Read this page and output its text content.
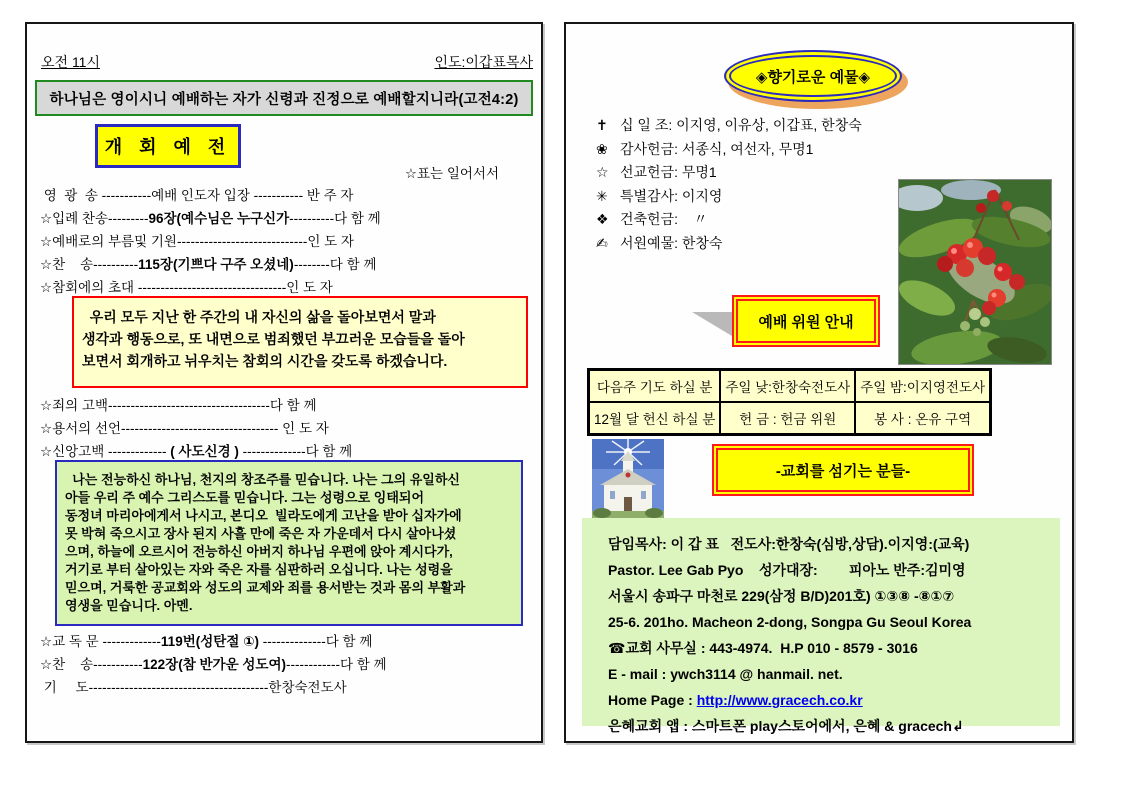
오전 11시	인도:이갑표목사
하나님은 영이시니 예배하는 자가 신령과 진정으로 예배할지니라(고전4:2)
개 회 예 전
☆표는 일어서서
영  광  송 -----------예배 인도자 입장 ----------- 반 주 자
☆입례 찬송---------96장(예수님은 누구신가----------다 함 께
☆예배로의 부름및 기원-----------------------------인 도 자
☆찬    송----------115장(기쁘다 구주 오셨네)--------다 함 께
☆참회에의 초대 ---------------------------------인 도 자
우리 모두 지난 한 주간의 내 자신의 삶을 돌아보면서 말과
생각과 행동으로, 또 내면으로 범죄했던 부끄러운 모습들을 돌아
보면서 회개하고 뉘우치는 참회의 시간을 갖도록 하겠습니다.
☆죄의 고백------------------------------------다 함 께
☆용서의 선언----------------------------------- 인 도 자
☆신앙고백 ------------- ( 사도신경 ) --------------다 함 께
나는 전능하신 하나님, 천지의 창조주를 믿습니다. 나는 그의 유일하신
아들 우리 주 예수 그리스도를 믿습니다. 그는 성령으로 잉태되어
동정녀 마리아에게서 나시고, 본디오  빌라도에게 고난을 받아 십자가에
못 박혀 죽으시고 장사 된지 사흘 만에 죽은 자 가운데서 다시 살아나셨
으며, 하늘에 오르시어 전능하신 아버지 하나님 우편에 앉아 계시다가,
거기로 부터 살아있는 자와 죽은 자를 심판하러 오십니다. 나는 성령을
믿으며, 거룩한 공교회와 성도의 교제와 죄를 용서받는 것과 몸의 부활과
영생을 믿습니다. 아멘.
☆교 독 문 -------------119번(성탄절 ①) --------------다 함 께
☆찬    송-----------122장(참 반가운 성도여)------------다 함 께
기     도----------------------------------------한창숙전도사
◈향기로운 예물◈
✝ 십 일 조: 이지영, 이유상, 이갑표, 한창숙
❀ 감사헌금: 서종식, 여선자, 무명1
☆ 선교헌금: 무명1
✳ 특별감사: 이지영
❖ 건축헌금:    〃
✍ 서원예물: 한창숙
예배 위원 안내
다음주 기도 하실 분	주일 낮:한창숙전도사	주일 밤:이지영전도사
12월 달 헌신 하실 분	헌 금 : 헌금 위원	봉 사 : 온유 구역
-교회를 섬기는 분들-
담임목사: 이 갑 표   전도사:한창숙(심방,상담).이지영:(교육)
Pastor. Lee Gab Pyo    성가대장:        피아노 반주:김미영
서울시 송파구 마천로 229(삼정 B/D)201호) ①③⑧ -⑧①⑦
25-6. 201ho. Macheon 2-dong, Songpa Gu Seoul Korea
☎교회 사무실 : 443-4974.  H.P 010 - 8579 - 3016
E - mail : ywch3114 @ hanmail. net.
Home Page : http://www.gracech.co.kr
은혜교회 앱 : 스마트폰 play스토어에서, 은혜 & gracech↲
